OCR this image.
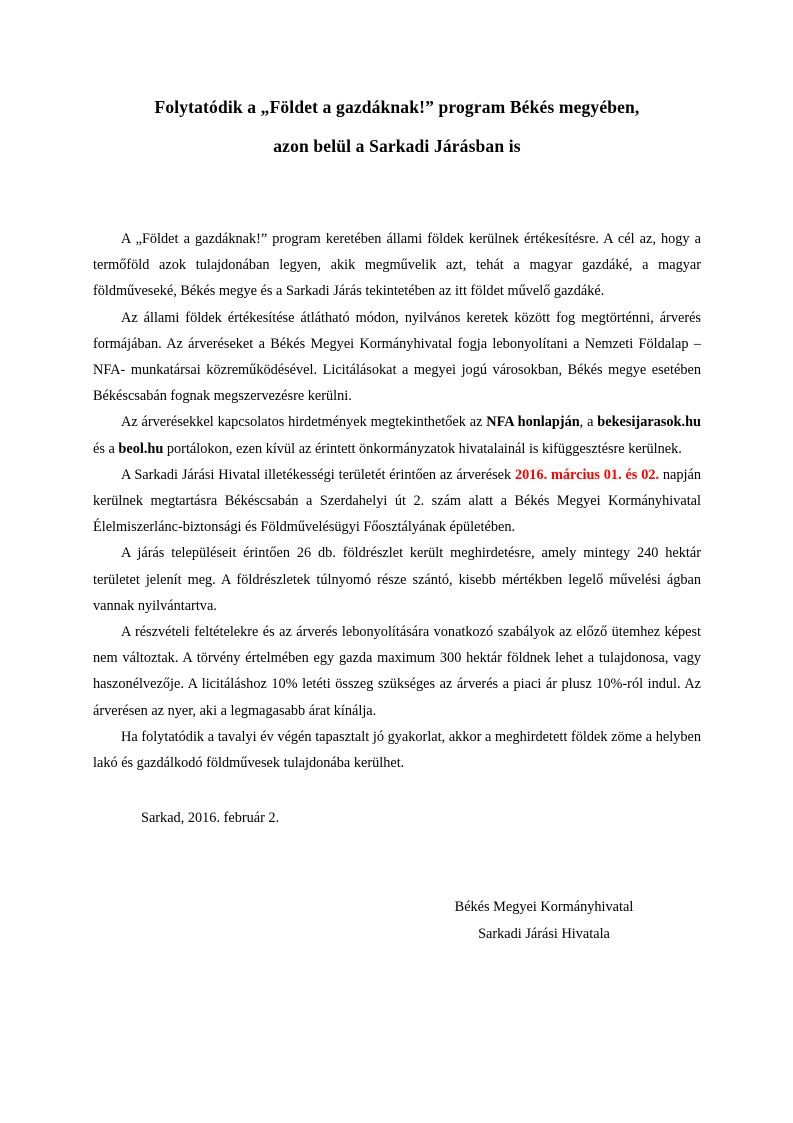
Folytatódik a „Földet a gazdáknak!” program Békés megyében,
azon belül a Sarkadi Járásban is

A „Földet a gazdáknak!” program keretében állami földek kerülnek értékesítésre. A cél az, hogy a termőföld azok tulajdonában legyen, akik megművelik azt, tehát a magyar gazdáké, a magyar földműveseké, Békés megye és a Sarkadi Járás tekintetében az itt földet művelő gazdáké.

Az állami földek értékesítése átlátható módon, nyilvános keretek között fog megtörténni, árverés formájában. Az árveréseket a Békés Megyei Kormányhivatal fogja lebonyolítani a Nemzeti Földalap –NFA- munkatársai közreműködésével. Licitálásokat a megyei jogú városokban, Békés megye esetében Békéscsabán fognak megszervezésre kerülni.

Az árverésekkel kapcsolatos hirdetmények megtekinthetőek az NFA honlapján, a bekesijarasok.hu és a beol.hu portálokon, ezen kívül az érintett önkormányzatok hivatalainál is kifüggesztésre kerülnek.

A Sarkadi Járási Hivatal illetékességi területét érintően az árverések 2016. március 01. és 02. napján kerülnek megtartásra Békéscsabán a Szerdahelyi út 2. szám alatt a Békés Megyei Kormányhivatal Élelmiszerlánc-biztonsági és Földművelésügyi Főosztályának épületében.

A járás településeit érintően 26 db. földrészlet került meghirdetésre, amely mintegy 240 hektár területet jelenít meg. A földrészletek túlnyomó része szántó, kisebb mértékben legelő művelési ágban vannak nyilvántartva.

A részvételi feltételekre és az árverés lebonyolítására vonatkozó szabályok az előző ütemhez képest nem változtak. A törvény értelmében egy gazda maximum 300 hektár földnek lehet a tulajdonosa, vagy haszonélvezője. A licitáláshoz 10% letéti összeg szükséges az árverés a piaci ár plusz 10%-ról indul. Az árverésen az nyer, aki a legmagasabb árat kínálja.

Ha folytatódik a tavalyi év végén tapasztalt jó gyakorlat, akkor a meghirdetett földek zöme a helyben lakó és gazdálkodó földművesek tulajdonába kerülhet.

Sarkad, 2016. február 2.

Békés Megyei Kormányhivatal
Sarkadi Járási Hivatala
